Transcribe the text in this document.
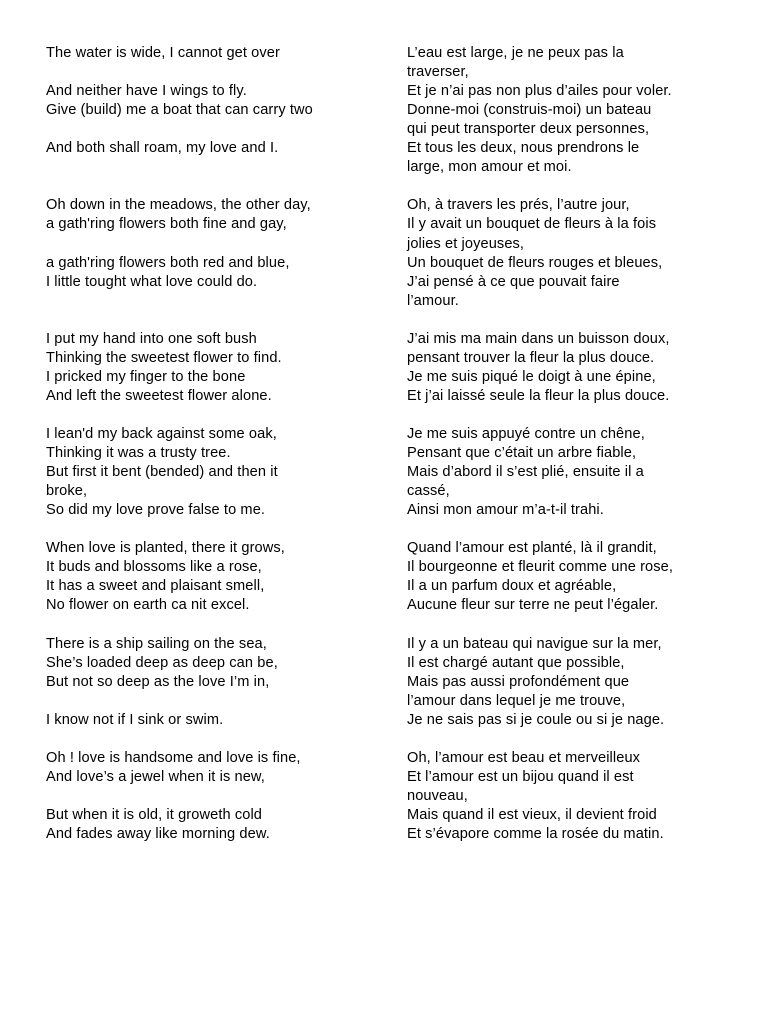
The water is wide, I cannot get over
And neither have I wings to fly.
Give (build) me a boat that can carry two
And both shall roam, my love and I.
Oh down in the meadows, the other day,
a gath'ring flowers both fine and gay,
a gath'ring flowers both red and blue,
I little tought what love could do.
I put my hand into one soft bush
Thinking the sweetest flower to find.
I pricked my finger to the bone
And left the sweetest flower alone.
I lean'd my back against some oak,
Thinking it was a trusty tree.
But first it bent (bended) and then it
broke,
So did my love prove false to me.
When love is planted, there it grows,
It buds and blossoms like a rose,
It has a sweet and plaisant smell,
No flower on earth ca nit excel.
There is a ship sailing on the sea,
She’s loaded deep as deep can be,
But not so deep as the love I’m in,
I know not if I sink or swim.
Oh ! love is handsome and love is fine,
And love’s a jewel when it is new,
But when it is old, it groweth cold
And fades away like morning dew.
L’eau est large, je ne peux pas la
traverser,
Et je n’ai pas non plus d’ailes pour voler.
Donne-moi (construis-moi) un bateau
qui peut transporter deux personnes,
Et tous les deux, nous prendrons le
large, mon amour et moi.
Oh, à travers les prés, l’autre jour,
Il y avait un bouquet de fleurs à la fois
jolies et joyeuses,
Un bouquet de fleurs rouges et bleues,
J’ai pensé à ce que pouvait faire
l’amour.
J’ai mis ma main dans un buisson doux,
pensant trouver la fleur la plus douce.
Je me suis piqué le doigt à une épine,
Et j’ai laissé seule la fleur la plus douce.
Je me suis appuyé contre un chêne,
Pensant que c’était un arbre fiable,
Mais d’abord il s’est plié, ensuite il a
cassé,
Ainsi mon amour m’a-t-il trahi.
Quand l’amour est planté, là il grandit,
Il bourgeonne et fleurit comme une rose,
Il a un parfum doux et agréable,
Aucune fleur sur terre ne peut l’égaler.
Il y a un bateau qui navigue sur la mer,
Il est chargé autant que possible,
Mais pas aussi profondément que
l’amour dans lequel je me trouve,
Je ne sais pas si je coule ou si je nage.
Oh, l’amour est beau et merveilleux
Et l’amour est un bijou quand il est
nouveau,
Mais quand il est vieux, il devient froid
Et s’évapore comme la rosée du matin.
